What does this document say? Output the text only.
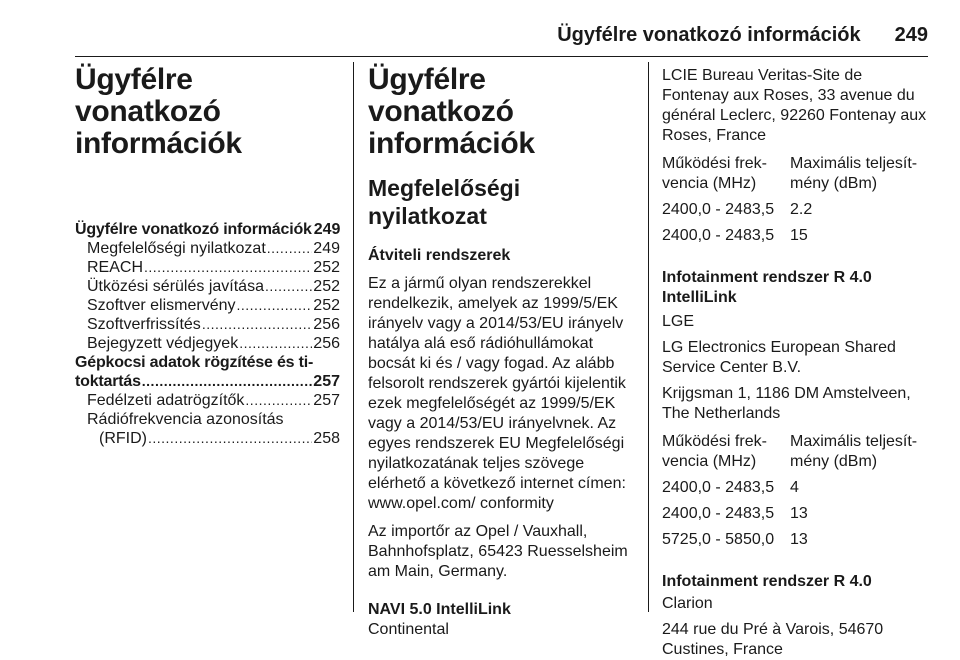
Ügyfélre vonatkozó információk 249
Ügyfélre vonatkozó információk
Ügyfélre vonatkozó információk 249
Megfelelőségi nyilatkozat .....	249
REACH .....	252
Ütközési sérülés javítása .....	252
Szoftver elismervény .....	252
Szoftverfrissítés .....	256
Bejegyzett védjegyek .....	256
Gépkocsi adatok rögzítése és ti-
toktartás .....	257
Fedélzeti adatrögzítők .....	257
Rádiófrekvencia azonosítás
(RFID) .....	258
Ügyfélre vonatkozó információk
Megfelelőségi nyilatkozat
Átviteli rendszerek

Ez a jármű olyan rendszerekkel rendelkezik, amelyek az 1999/5/EK irányelv vagy a 2014/53/EU irányelv hatálya alá eső rádióhullámokat bocsát ki és / vagy fogad. Az alább felsorolt rendszerek gyártói kijelentik ezek megfelelőségét az 1999/5/EK vagy a 2014/53/EU irányelvnek. Az egyes rendszerek EU Megfelelőségi nyilatkozatának teljes szövege elérhető a következő internet címen: www.opel.com/ conformity

Az importőr az Opel / Vauxhall, Bahnhofsplatz, 65423 Ruesselsheim am Main, Germany.

NAVI 5.0 IntelliLink

Continental

LCIE Bureau Veritas-Site de Fontenay aux Roses, 33 avenue du général Leclerc, 92260 Fontenay aux Roses, France

Működési frek- vencia (MHz)
Maximális teljesít- mény (dBm)
2400,0 - 2483,5 2.2
2400,0 - 2483,5 15
Infotainment rendszer R 4.0 IntelliLink

LGE

LG Electronics European Shared Service Center B.V.

Krijgsman 1, 1186 DM Amstelveen, The Netherlands

Működési frek- vencia (MHz)
Maximális teljesít- mény (dBm)
2400,0 - 2483,5 4
2400,0 - 2483,5 13
5725,0 - 5850,0 13
Infotainment rendszer R 4.0

Clarion

244 rue du Pré à Varois, 54670 Custines, France
